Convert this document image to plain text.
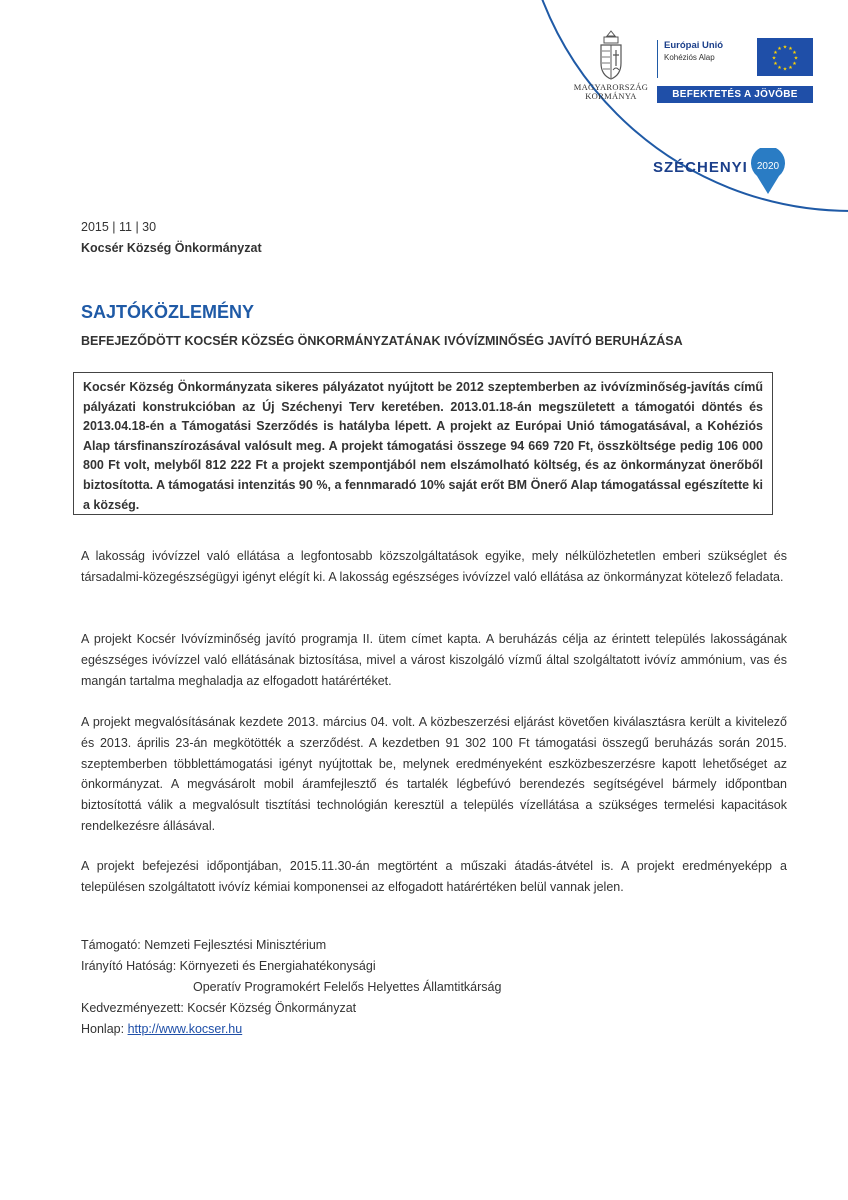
MAGYARORSZÁG
KORMÁNYA
Európai Unió
Kohéziós Alap	★
★
★
★
★
★
★
★
★ ★ ★
★
BEFEKTETÉS A JÖVŐBE
SZÉCHENYI 2020
2015 | 11 | 30
Kocsér Község Önkormányzat
SAJTÓKÖZLEMÉNY
BEFEJEZŐDÖTT KOCSÉR KÖZSÉG ÖNKORMÁNYZATÁNAK IVÓVÍZMINŐSÉG JAVÍTÓ BERUHÁZÁSA
Kocsér Község Önkormányzata sikeres pályázatot nyújtott be 2012 szeptemberben az ivóvízminőség-javítás című pályázati konstrukcióban az Új Széchenyi Terv keretében. 2013.01.18-án megszületett a támogatói döntés és 2013.04.18-én a Támogatási Szerződés is hatályba lépett. A projekt az Európai Unió támogatásával, a Kohéziós Alap társfinanszírozásával valósult meg. A projekt támogatási összege 94 669 720 Ft, összköltsége pedig 106 000 800 Ft volt, melyből 812 222 Ft a projekt szempontjából nem elszámolható költség, és az önkormányzat önerőből biztosította. A támogatási intenzitás 90 %, a fennmaradó 10% saját erőt BM Önerő Alap támogatással egészítette ki a község.
A lakosság ivóvízzel való ellátása a legfontosabb közszolgáltatások egyike, mely nélkülözhetetlen emberi szükséglet és társadalmi-közegészségügyi igényt elégít ki. A lakosság egészséges ivóvízzel való ellátása az önkormányzat kötelező feladata.
A projekt Kocsér Ivóvízminőség javító programja II. ütem címet kapta. A beruházás célja az érintett település lakosságának egészséges ivóvízzel való ellátásának biztosítása, mivel a várost kiszolgáló vízmű által szolgáltatott ivóvíz ammónium, vas és mangán tartalma meghaladja az elfogadott határértéket.
A projekt megvalósításának kezdete 2013. március 04. volt. A közbeszerzési eljárást követően kiválasztásra került a kivitelező és 2013. április 23-án megkötötték a szerződést. A kezdetben 91 302 100 Ft támogatási összegű beruházás során 2015. szeptemberben többlettámogatási igényt nyújtottak be, melynek eredményeként eszközbeszerzésre kapott lehetőséget az önkormányzat. A megvásárolt mobil áramfejlesztő és tartalék légbefúvó berendezés segítségével bármely időpontban biztosítottá válik a megvalósult tisztítási technológián keresztül a település vízellátása a szükséges termelési kapacitások rendelkezésre állásával.
A projekt befejezési időpontjában, 2015.11.30-án megtörtént a műszaki átadás-átvétel is. A projekt eredményeképp a településen szolgáltatott ivóvíz kémiai komponensei az elfogadott határértéken belül vannak jelen.
Támogató: Nemzeti Fejlesztési Minisztérium
Irányító Hatóság: Környezeti és Energiahatékonysági
Operatív Programokért Felelős Helyettes Államtitkárság
Kedvezményezett: Kocsér Község Önkormányzat
Honlap: http://www.kocser.hu
